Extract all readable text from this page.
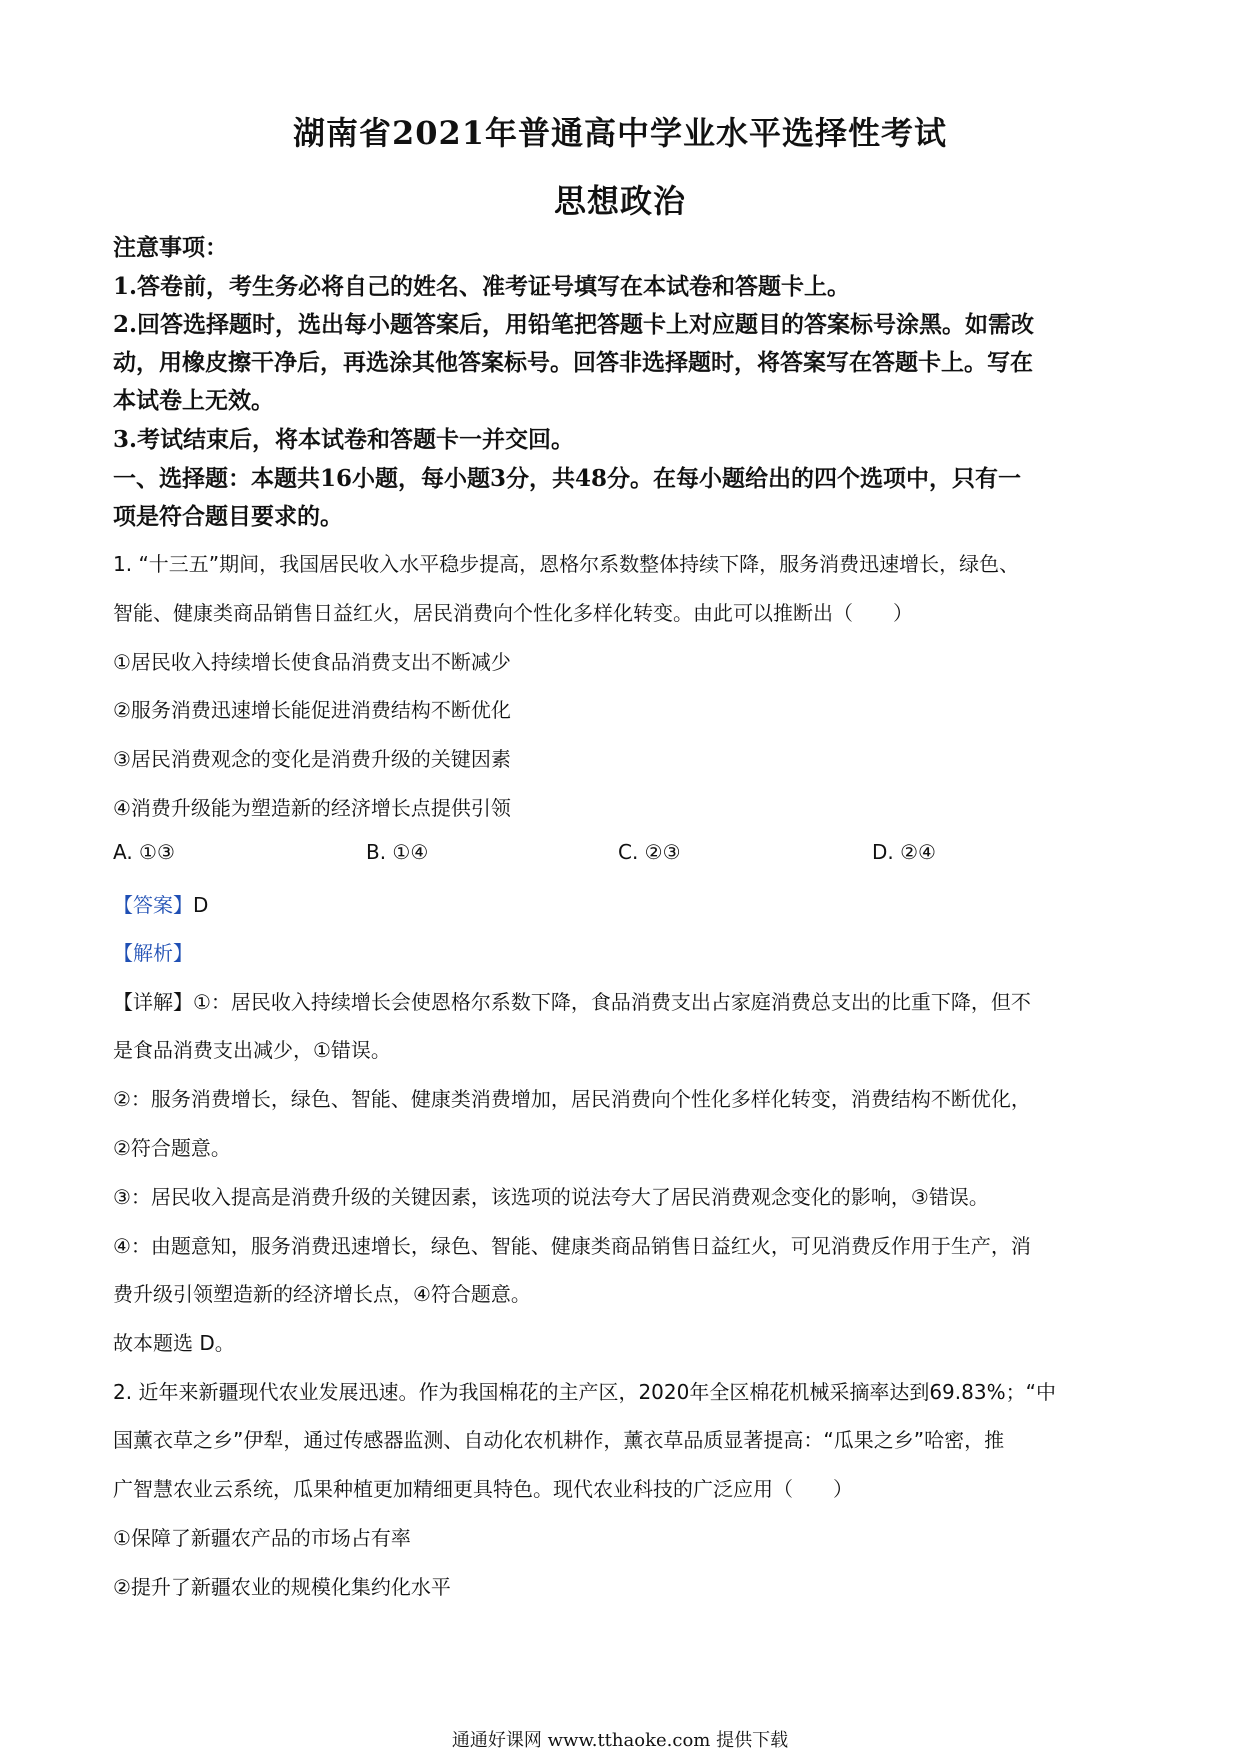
湖南省2021年普通高中学业水平选择性考试
思想政治
注意事项：
1.答卷前，考生务必将自己的姓名、准考证号填写在本试卷和答题卡上。
2.回答选择题时，选出每小题答案后，用铅笔把答题卡上对应题目的答案标号涂黑。如需改
动，用橡皮擦干净后，再选涂其他答案标号。回答非选择题时，将答案写在答题卡上。写在
本试卷上无效。
3.考试结束后，将本试卷和答题卡一并交回。
一、选择题：本题共16小题，每小题3分，共48分。在每小题给出的四个选项中，只有一
项是符合题目要求的。
1. “十三五”期间，我国居民收入水平稳步提高，恩格尔系数整体持续下降，服务消费迅速增长，绿色、
智能、健康类商品销售日益红火，居民消费向个性化多样化转变。由此可以推断出（　　）
①居民收入持续增长使食品消费支出不断减少
②服务消费迅速增长能促进消费结构不断优化
③居民消费观念的变化是消费升级的关键因素
④消费升级能为塑造新的经济增长点提供引领
A. ①③	B. ①④	C. ②③	D. ②④
【答案】D
【解析】
【详解】①：居民收入持续增长会使恩格尔系数下降，食品消费支出占家庭消费总支出的比重下降，但不
是食品消费支出减少，①错误。
②：服务消费增长，绿色、智能、健康类消费增加，居民消费向个性化多样化转变，消费结构不断优化，
②符合题意。
③：居民收入提高是消费升级的关键因素，该选项的说法夸大了居民消费观念变化的影响，③错误。
④：由题意知，服务消费迅速增长，绿色、智能、健康类商品销售日益红火，可见消费反作用于生产，消
费升级引领塑造新的经济增长点，④符合题意。
故本题选 D。
2. 近年来新疆现代农业发展迅速。作为我国棉花的主产区，2020年全区棉花机械采摘率达到69.83%；“中
国薰衣草之乡”伊犁，通过传感器监测、自动化农机耕作，薰衣草品质显著提高：“瓜果之乡”哈密，推
广智慧农业云系统，瓜果种植更加精细更具特色。现代农业科技的广泛应用（　　）
①保障了新疆农产品的市场占有率
②提升了新疆农业的规模化集约化水平
通通好课网 www.tthaoke.com 提供下载
